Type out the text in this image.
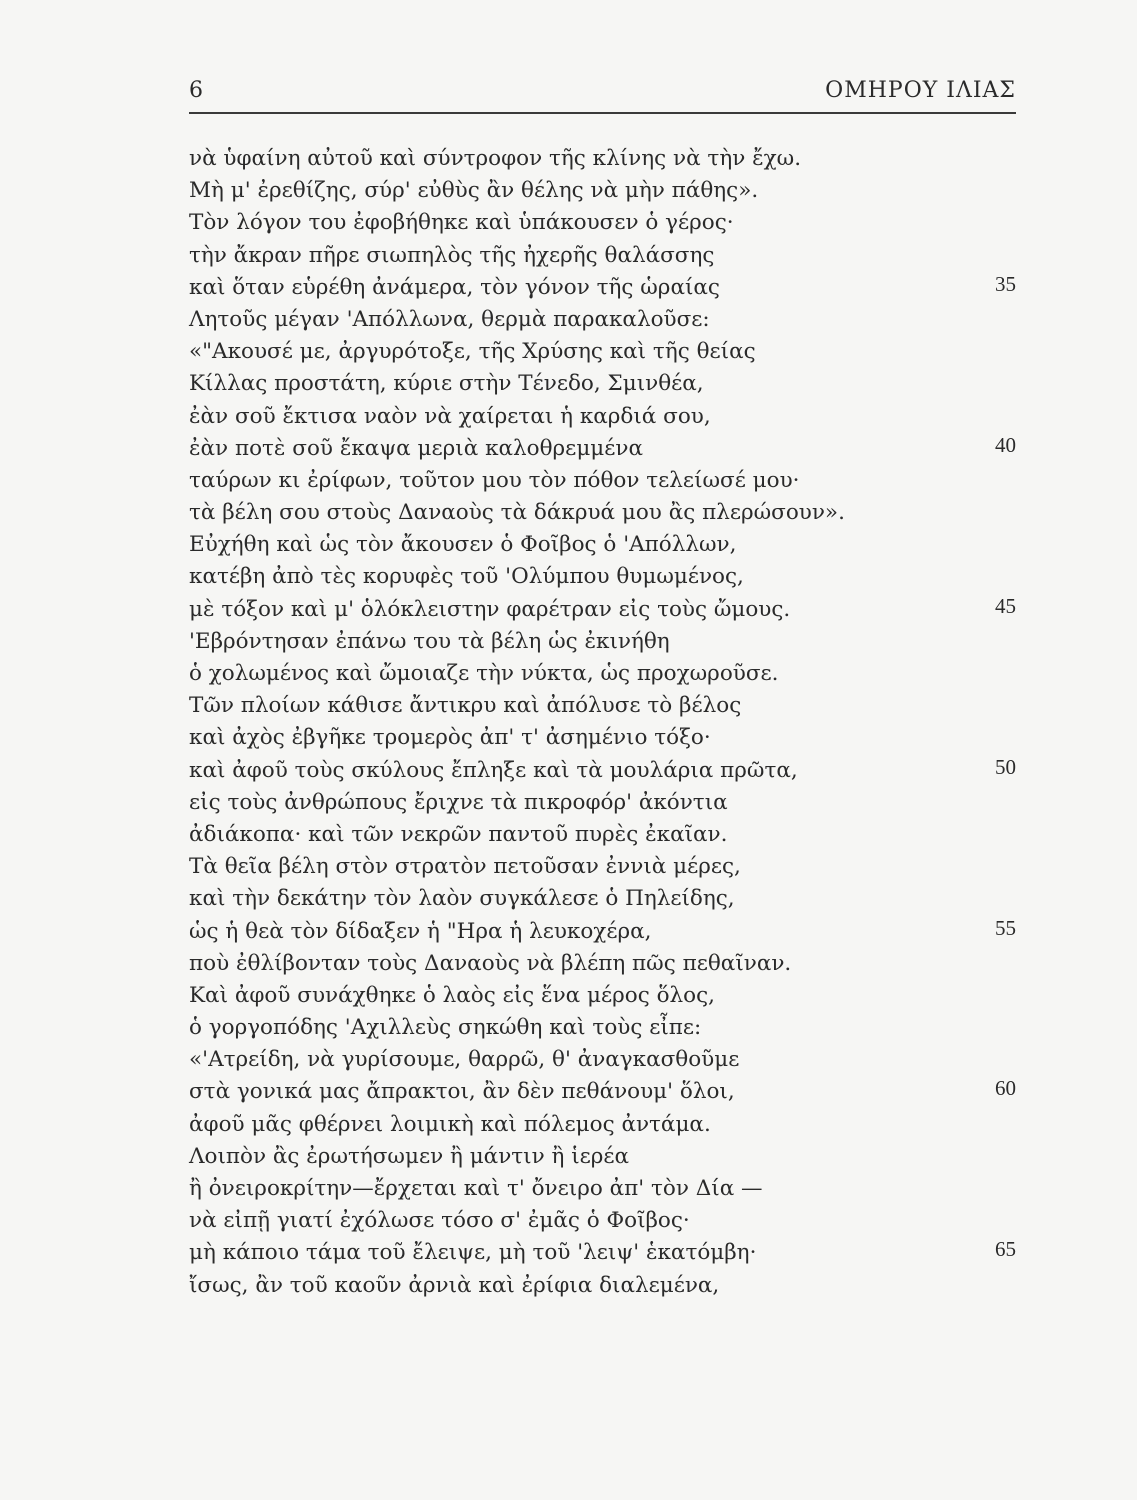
6	ΟΜΗΡΟΥ ΙΛΙΑΣ
νὰ ὑφαίνη αὐτοῦ καὶ σύντροφον τῆς κλίνης νὰ τὴν ἔχω.
Μὴ μ' ἐρεθίζης, σύρ' εὐθὺς ἂν θέλης νὰ μὴν πάθης».
Τὸν λόγον του ἐφοβήθηκε καὶ ὑπάκουσεν ὁ γέρος·
τὴν ἄκραν πῆρε σιωπηλὸς τῆς ἠχερῆς θαλάσσης
καὶ ὅταν εὑρέθη ἀνάμερα, τὸν γόνον τῆς ὡραίας	35
Λητοῦς μέγαν 'Απόλλωνα, θερμὰ παρακαλοῦσε:
«"Ακουσέ με, ἀργυρότοξε, τῆς Χρύσης καὶ τῆς θείας
Κίλλας προστάτη, κύριε στὴν Τένεδο, Σμινθέα,
ἐὰν σοῦ ἔκτισα ναὸν νὰ χαίρεται ἡ καρδιά σου,
ἐὰν ποτὲ σοῦ ἔκαψα μεριὰ καλοθρεμμένα	40
ταύρων κι ἐρίφων, τοῦτον μου τὸν πόθον τελείωσέ μου·
τὰ βέλη σου στοὺς Δαναοὺς τὰ δάκρυά μου ἂς πλερώσουν».
Εὐχήθη καὶ ὡς τὸν ἄκουσεν ὁ Φοῖβος ὁ 'Απόλλων,
κατέβη ἀπὸ τὲς κορυφὲς τοῦ 'Ολύμπου θυμωμένος,
μὲ τόξον καὶ μ' ὁλόκλειστην φαρέτραν εἰς τοὺς ὤμους.	45
'Εβρόντησαν ἐπάνω του τὰ βέλη ὡς ἐκινήθη
ὁ χολωμένος καὶ ὤμοιαζε τὴν νύκτα, ὡς προχωροῦσε.
Τῶν πλοίων κάθισε ἄντικρυ καὶ ἀπόλυσε τὸ βέλος
καὶ ἀχὸς ἐβγῆκε τρομερὸς ἀπ' τ' ἀσημένιο τόξο·
καὶ ἀφοῦ τοὺς σκύλους ἔπληξε καὶ τὰ μουλάρια πρῶτα,	50
εἰς τοὺς ἀνθρώπους ἔριχνε τὰ πικροφόρ' ἀκόντια
ἀδιάκοπα· καὶ τῶν νεκρῶν παντοῦ πυρὲς ἐκαῖαν.
Τὰ θεῖα βέλη στὸν στρατὸν πετοῦσαν ἐννιὰ μέρες,
καὶ τὴν δεκάτην τὸν λαὸν συγκάλεσε ὁ Πηλείδης,
ὡς ἡ θεὰ τὸν δίδαξεν ἡ "Ηρα ἡ λευκοχέρα,	55
ποὺ ἐθλίβονταν τοὺς Δαναοὺς νὰ βλέπη πῶς πεθαῖναν.
Καὶ ἀφοῦ συνάχθηκε ὁ λαὸς εἰς ἕνα μέρος ὅλος,
ὁ γοργοπόδης 'Αχιλλεὺς σηκώθη καὶ τοὺς εἶπε:
«'Ατρείδη, νὰ γυρίσουμε, θαρρῶ, θ' ἀναγκασθοῦμε
στὰ γονικά μας ἄπρακτοι, ἂν δὲν πεθάνουμ' ὅλοι,	60
ἀφοῦ μᾶς φθέρνει λοιμικὴ καὶ πόλεμος ἀντάμα.
Λοιπὸν ἂς ἐρωτήσωμεν ἢ μάντιν ἢ ἱερέα
ἢ ὀνειροκρίτην—ἔρχεται καὶ τ' ὄνειρο ἀπ' τὸν Δία —
νὰ εἰπῇ γιατί ἐχόλωσε τόσο σ' ἐμᾶς ὁ Φοῖβος·
μὴ κάποιο τάμα τοῦ ἔλειψε, μὴ τοῦ 'λειψ' ἑκατόμβη·	65
ἴσως, ἂν τοῦ καοῦν ἀρνιὰ καὶ ἐρίφια διαλεμένα,
